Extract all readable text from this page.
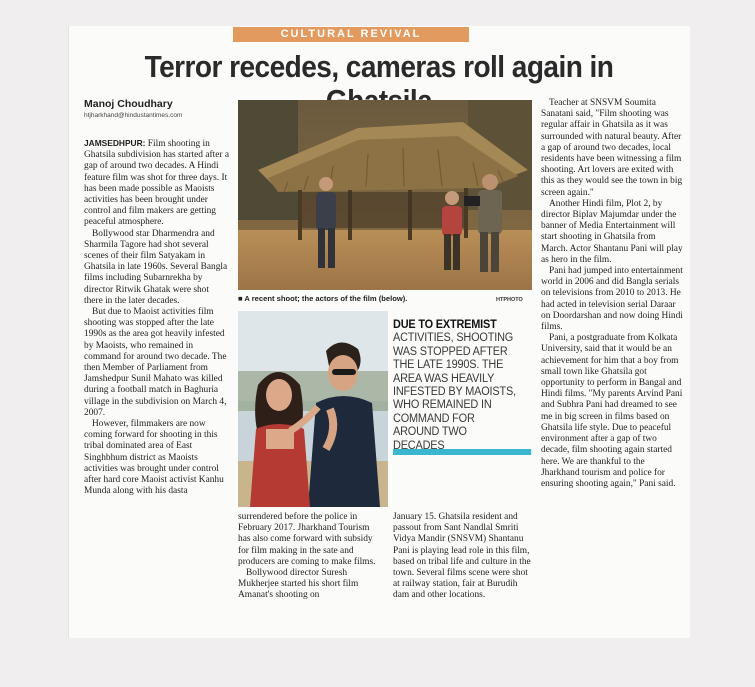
CULTURAL REVIVAL
Terror recedes, cameras roll again in
Manoj Choudhary
htjharkhand@hindustantimes.com

JAMSEDHPUR: Film shooting in Ghatsila subdivision has started after a gap of around two decades. A Hindi feature film was shot for three days. It has been made possible as Maoists activities has been brought under control and film makers are getting peaceful atmosphere.

Bollywood star Dharmendra and Sharmila Tagore had shot several scenes of their film Satyakam in Ghatsila in late 1960s. Several Bangla films including Subarnrekha by director Ritwik Ghatak were shot there in the later decades.

But due to Maoist activities film shooting was stopped after the late 1990s as the area got heavily infested by Maoists, who remained in command for around two decade. The then Member of Parliament from Jamshedpur Sunil Mahato was killed during a football match in Baghuria village in the subdivision on March 4, 2007.

However, filmmakers are now coming forward for shooting in this tribal dominated area of East Singhbhum district as Maoists activities was brought under control after hard core Maoist activist Kanhu Munda along with his dasta

■ A recent shoot; the actors of the film (below).	HTPHOTO
DUE TO EXTREMIST
ACTIVITIES, SHOOTING WAS STOPPED AFTER THE LATE 1990S. THE AREA WAS HEAVILY INFESTED BY MAOISTS, WHO REMAINED IN COMMAND FOR AROUND TWO DECADES

surrendered before the police in February 2017. Jharkhand Tourism has also come forward with subsidy for film making in the sate and producers are coming to make films.

Bollywood director Suresh Mukherjee started his short film Amanat's shooting on

January 15. Ghatsila resident and passout from Sant Nandlal Smriti Vidya Mandir (SNSVM) Shantanu Pani is playing lead role in this film, based on tribal life and culture in the town. Several films scene were shot at railway station, fair at Burudih dam and other locations.

Teacher at SNSVM Soumita Sanatani said, "Film shooting was regular affair in Ghatsila as it was surrounded with natural beauty. After a gap of around two decades, local residents have been witnessing a film shooting. Art lovers are exited with this as they would see the town in big screen again."

Another Hindi film, Plot 2, by director Biplav Majumdar under the banner of Media Entertainment will start shooting in Ghatsila from March. Actor Shantanu Pani will play as hero in the film.

Pani had jumped into entertainment world in 2006 and did Bangla serials on televisions from 2010 to 2013. He had acted in television serial Daraar on Doordarshan and now doing Hindi films.

Pani, a postgraduate from Kolkata University, said that it would be an achievement for him that a boy from small town like Ghatsila got opportunity to perform in Bangal and Hindi films. "My parents Arvind Pani and Subhra Pani had dreamed to see me in big screen in films based on Ghatsila life style. Due to peaceful environment after a gap of two decade, film shooting again started here. We are thankful to the Jharkhand tourism and police for ensuring shooting again," Pani said.
